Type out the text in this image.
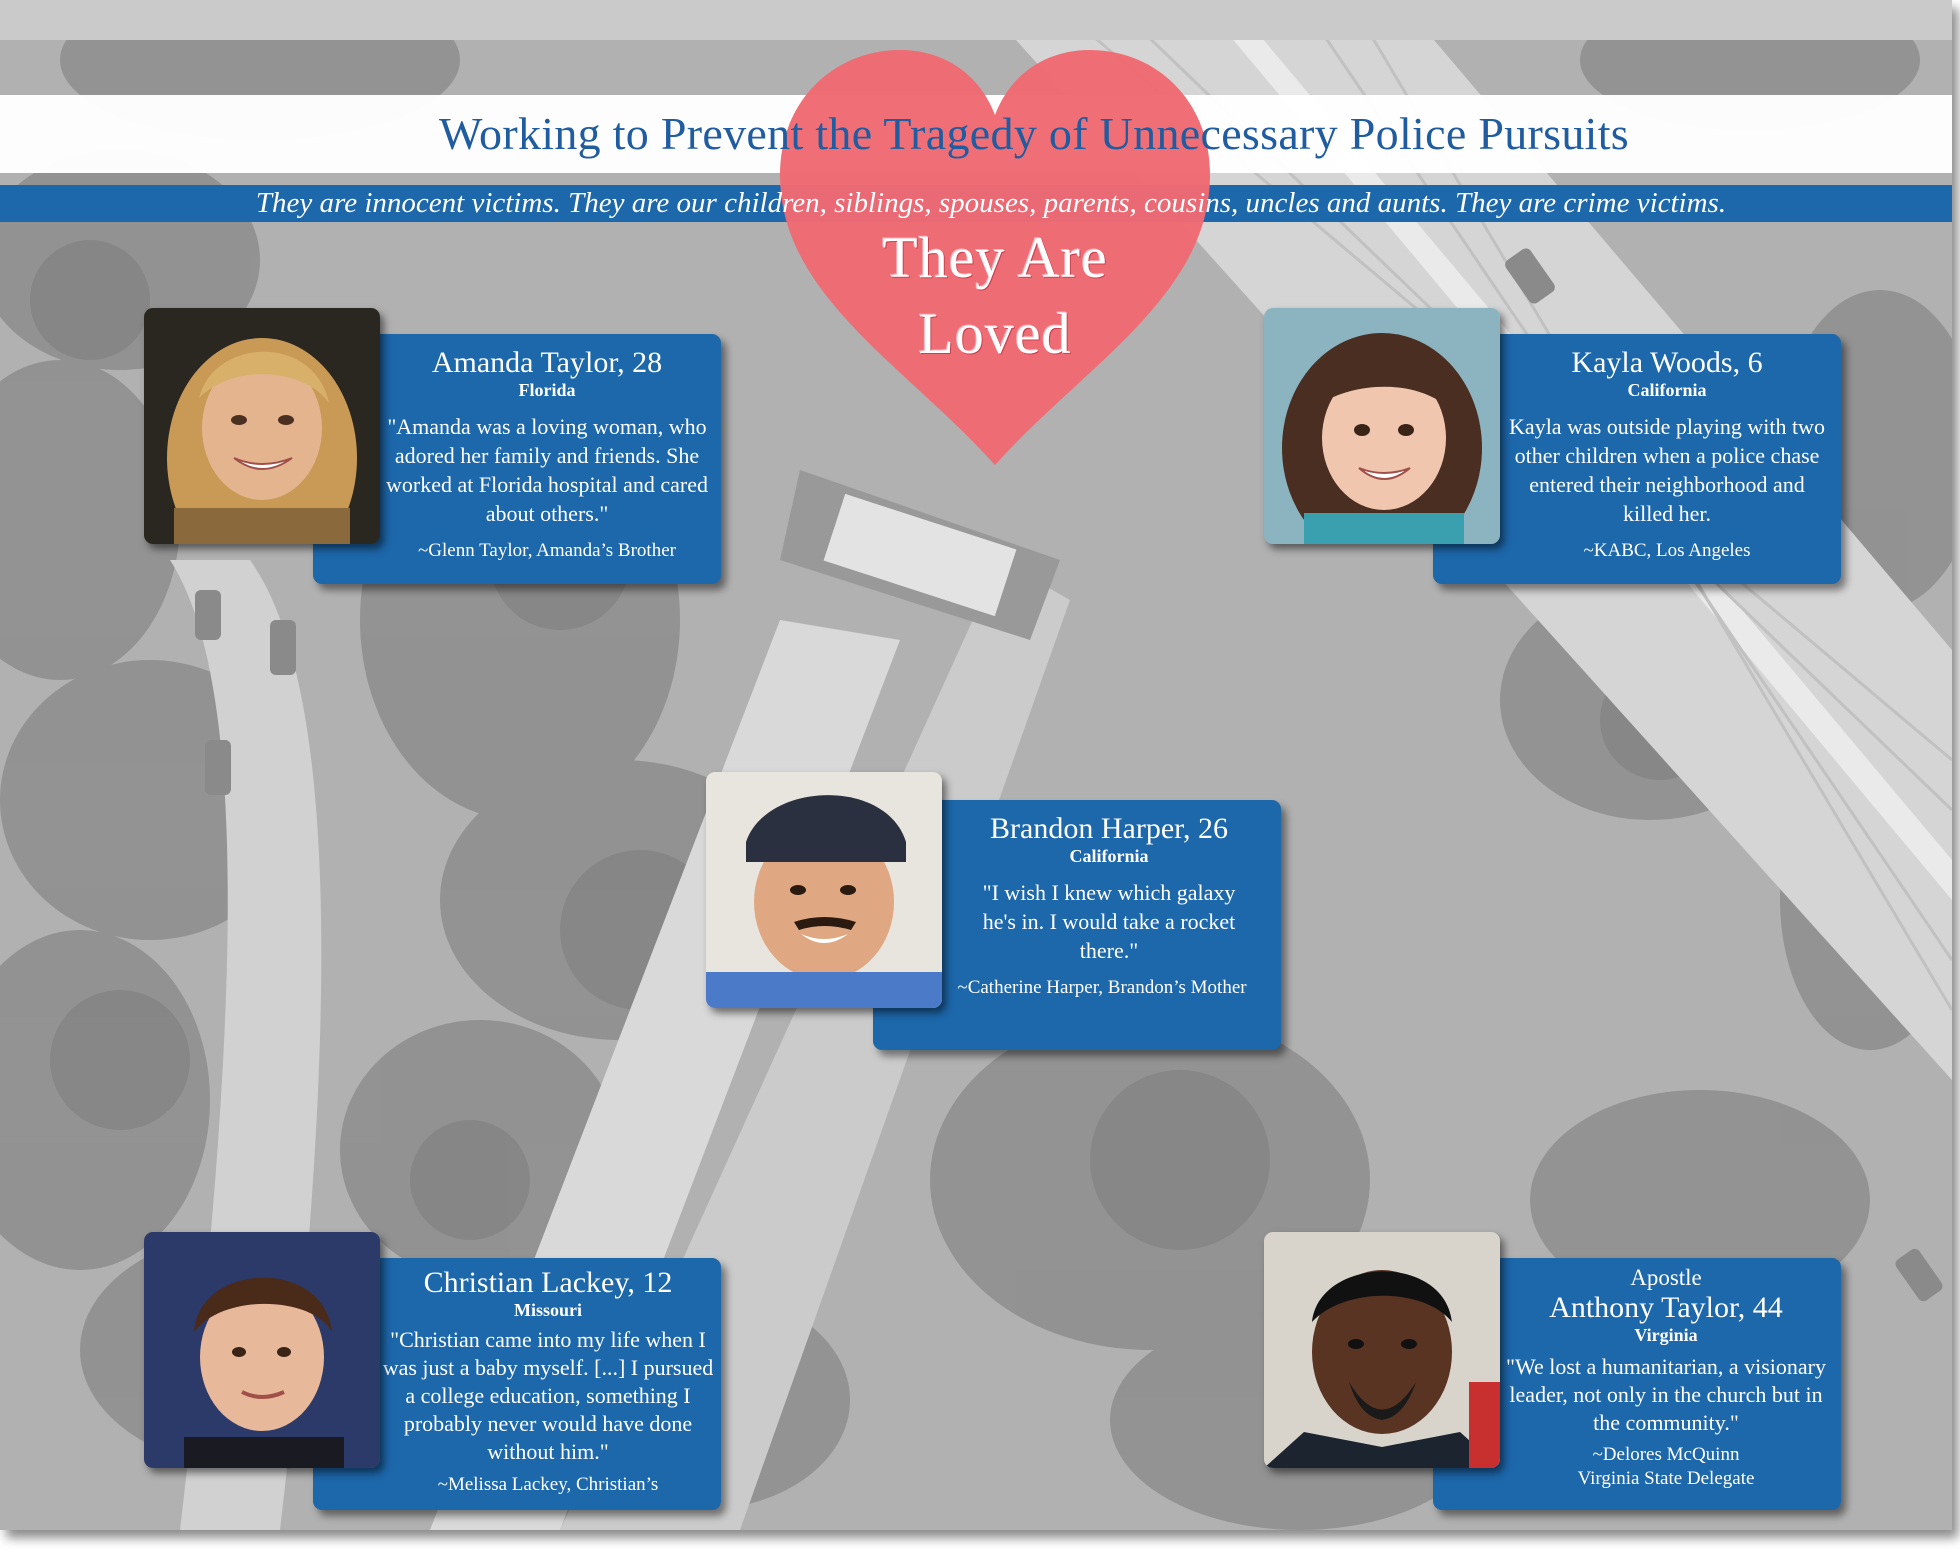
Working to Prevent the Tragedy of Unnecessary Police Pursuits
They are innocent victims. They are our children, siblings, spouses, parents, cousins, uncles and aunts. They are crime victims.
They Are
Loved
Amanda Taylor, 28
Florida
"Amanda was a loving woman, who adored her family and friends. She worked at Florida hospital and cared about others."
~Glenn Taylor, Amanda’s Brother
Kayla Woods, 6
California
Kayla was outside playing with two other children when a police chase entered their neighborhood and killed her.
~KABC, Los Angeles
Brandon Harper, 26
California
"I wish I knew which galaxy he's in. I would take a rocket there."
~Catherine Harper, Brandon’s Mother
Christian Lackey, 12
Missouri
"Christian came into my life when I was just a baby myself. [...] I pursued a college education, something I probably never would have done without him."
~Melissa Lackey, Christian’s
Apostle
Anthony Taylor, 44
Virginia
"We lost a humanitarian, a visionary leader, not only in the church but in the community."
~Delores McQuinn
Virginia State Delegate
